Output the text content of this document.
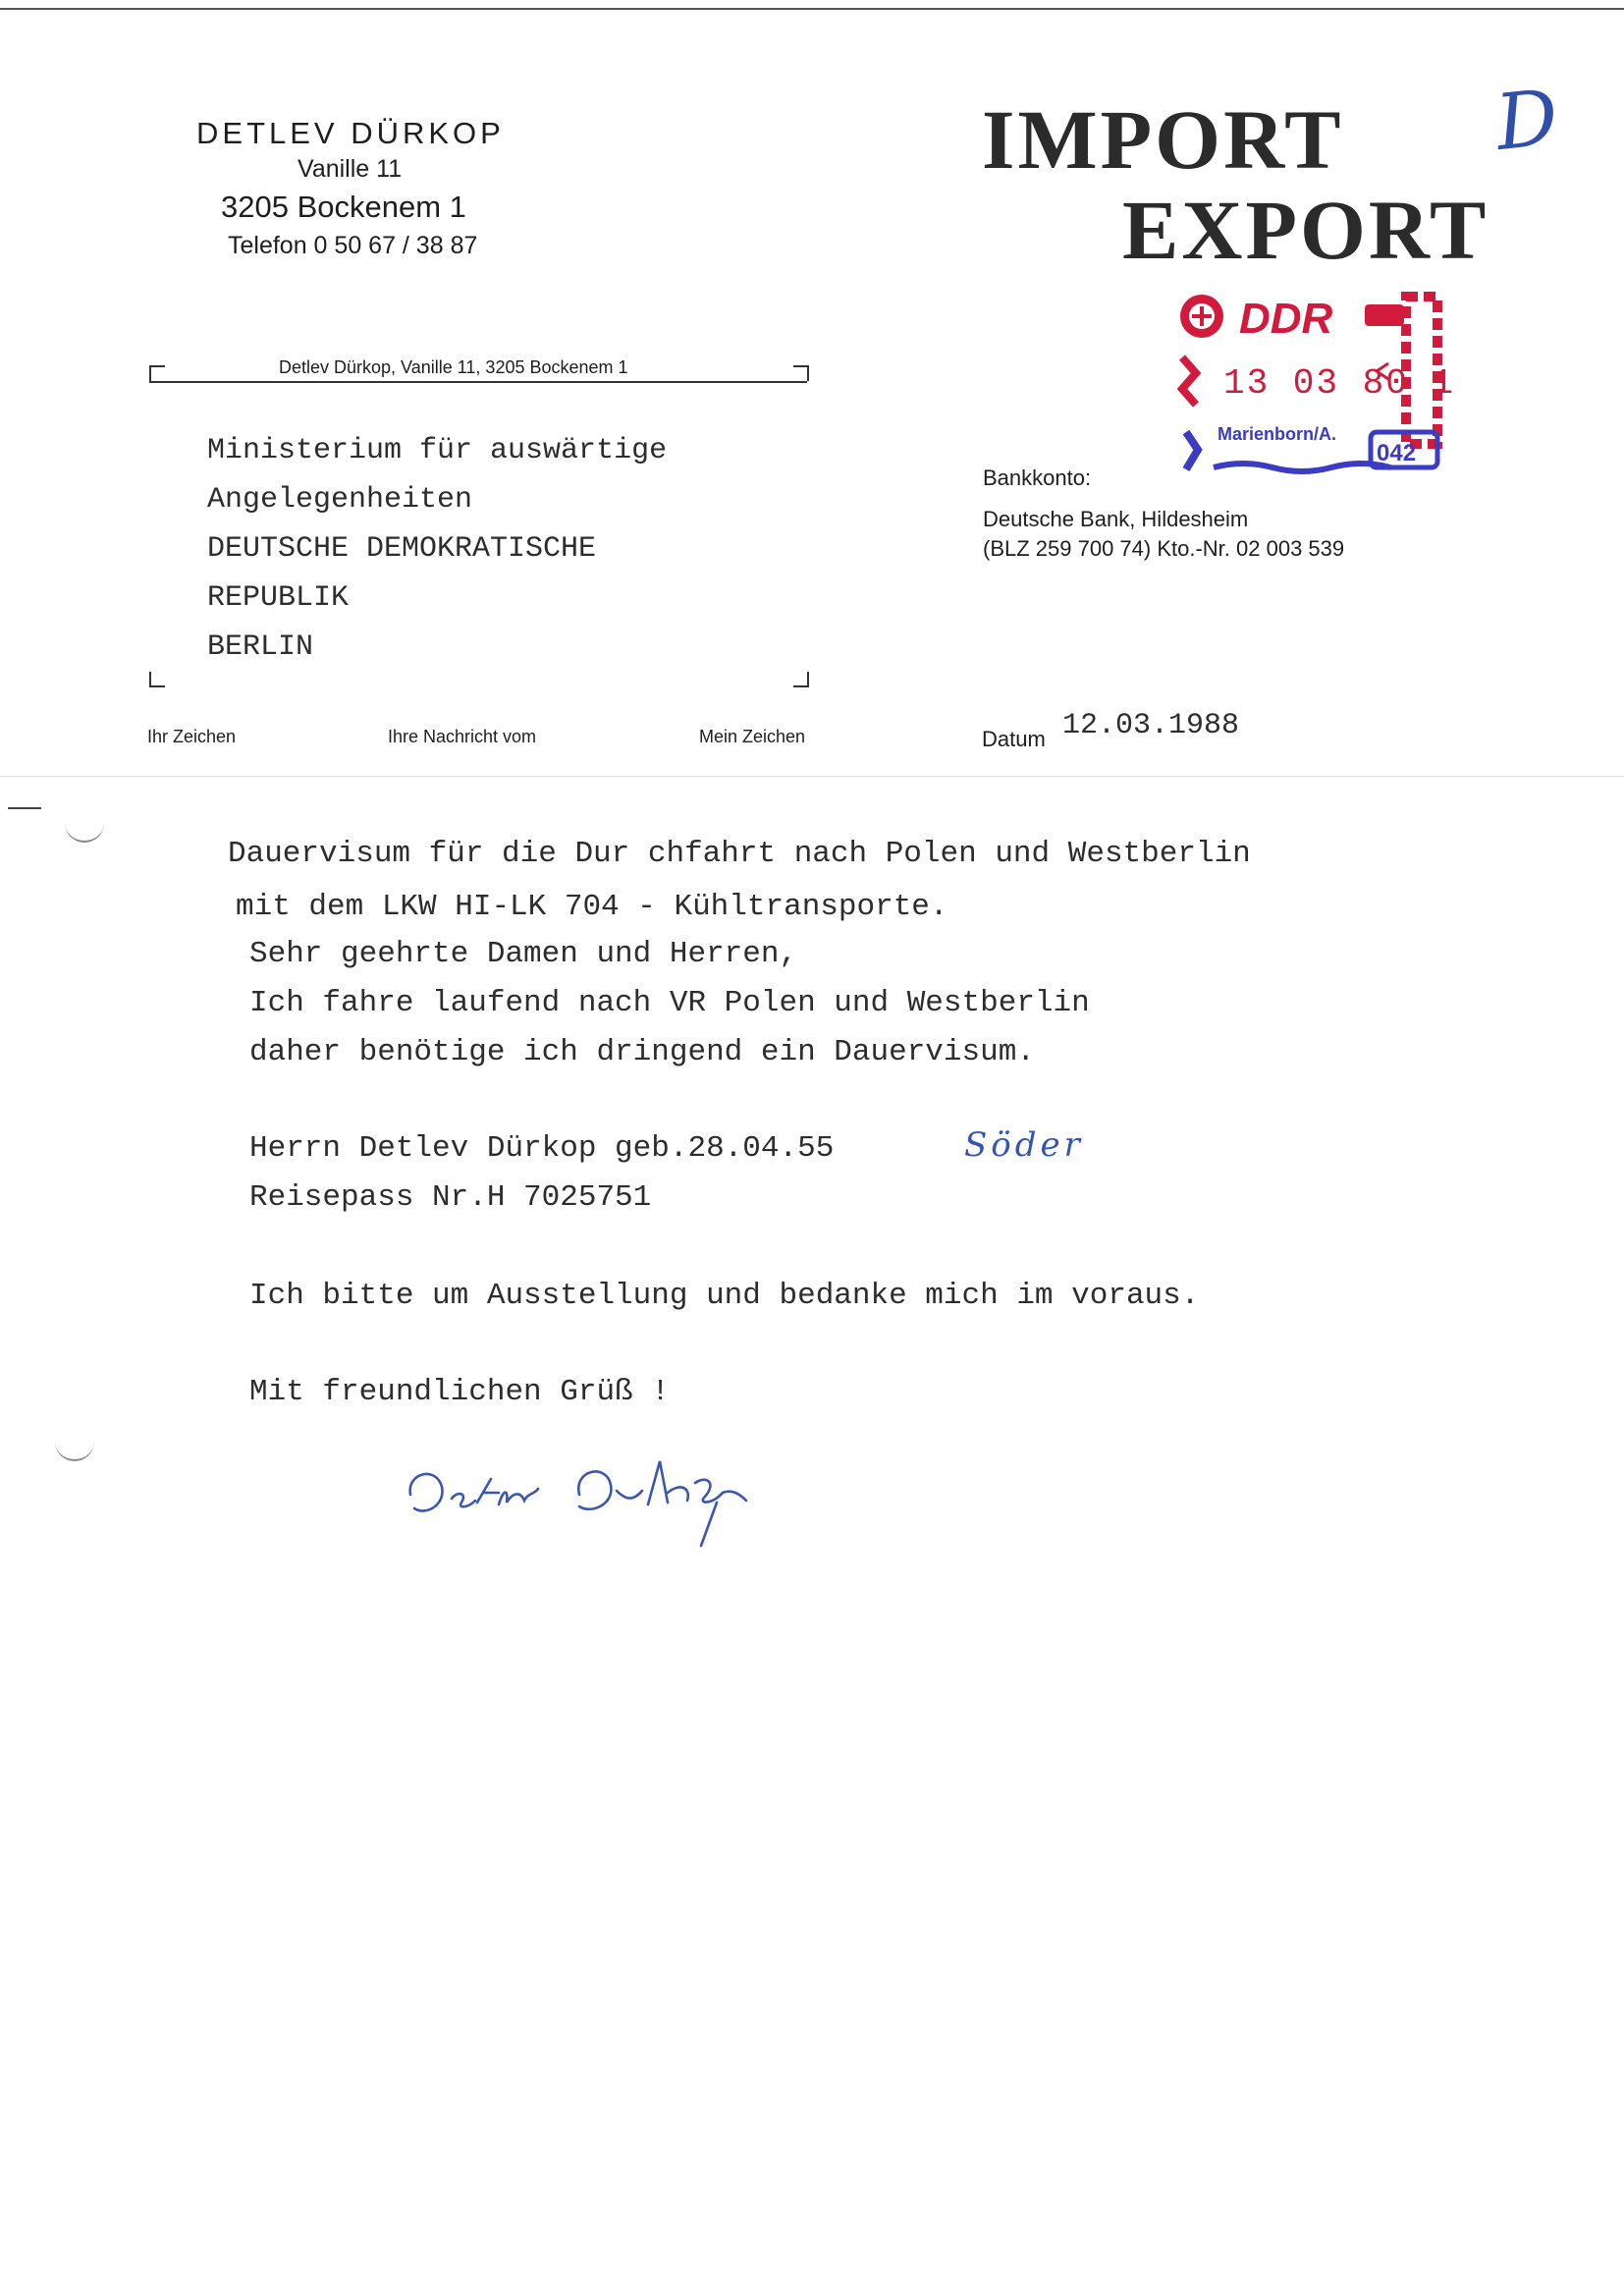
DETLEV DÜRKOP
Vanille 11
3205 Bockenem 1
Telefon 0 50 67 / 38 87
IMPORT
EXPORT
D
DDR
13 03 80 1
Marienborn/A.
042
Detlev Dürkop, Vanille 11, 3205 Bockenem 1
Ministerium für auswärtige
Angelegenheiten
DEUTSCHE DEMOKRATISCHE
REPUBLIK
BERLIN
Bankkonto:
Deutsche Bank, Hildesheim
(BLZ 259 700 74) Kto.-Nr. 02 003 539
Ihr Zeichen	Ihre Nachricht vom	Mein Zeichen	Datum 12.03.1988
Dauervisum für die Dur chfahrt nach Polen und Westberlin
mit dem LKW HI-LK 704 - Kühltransporte.
Sehr geehrte Damen und Herren,
Ich fahre laufend nach VR Polen und Westberlin
daher benötige ich dringend ein Dauervisum.
Herrn Detlev Dürkop geb.28.04.55	Söder
Reisepass Nr.H 7025751
Ich bitte um Ausstellung und bedanke mich im voraus.
Mit freundlichen Grüß !
